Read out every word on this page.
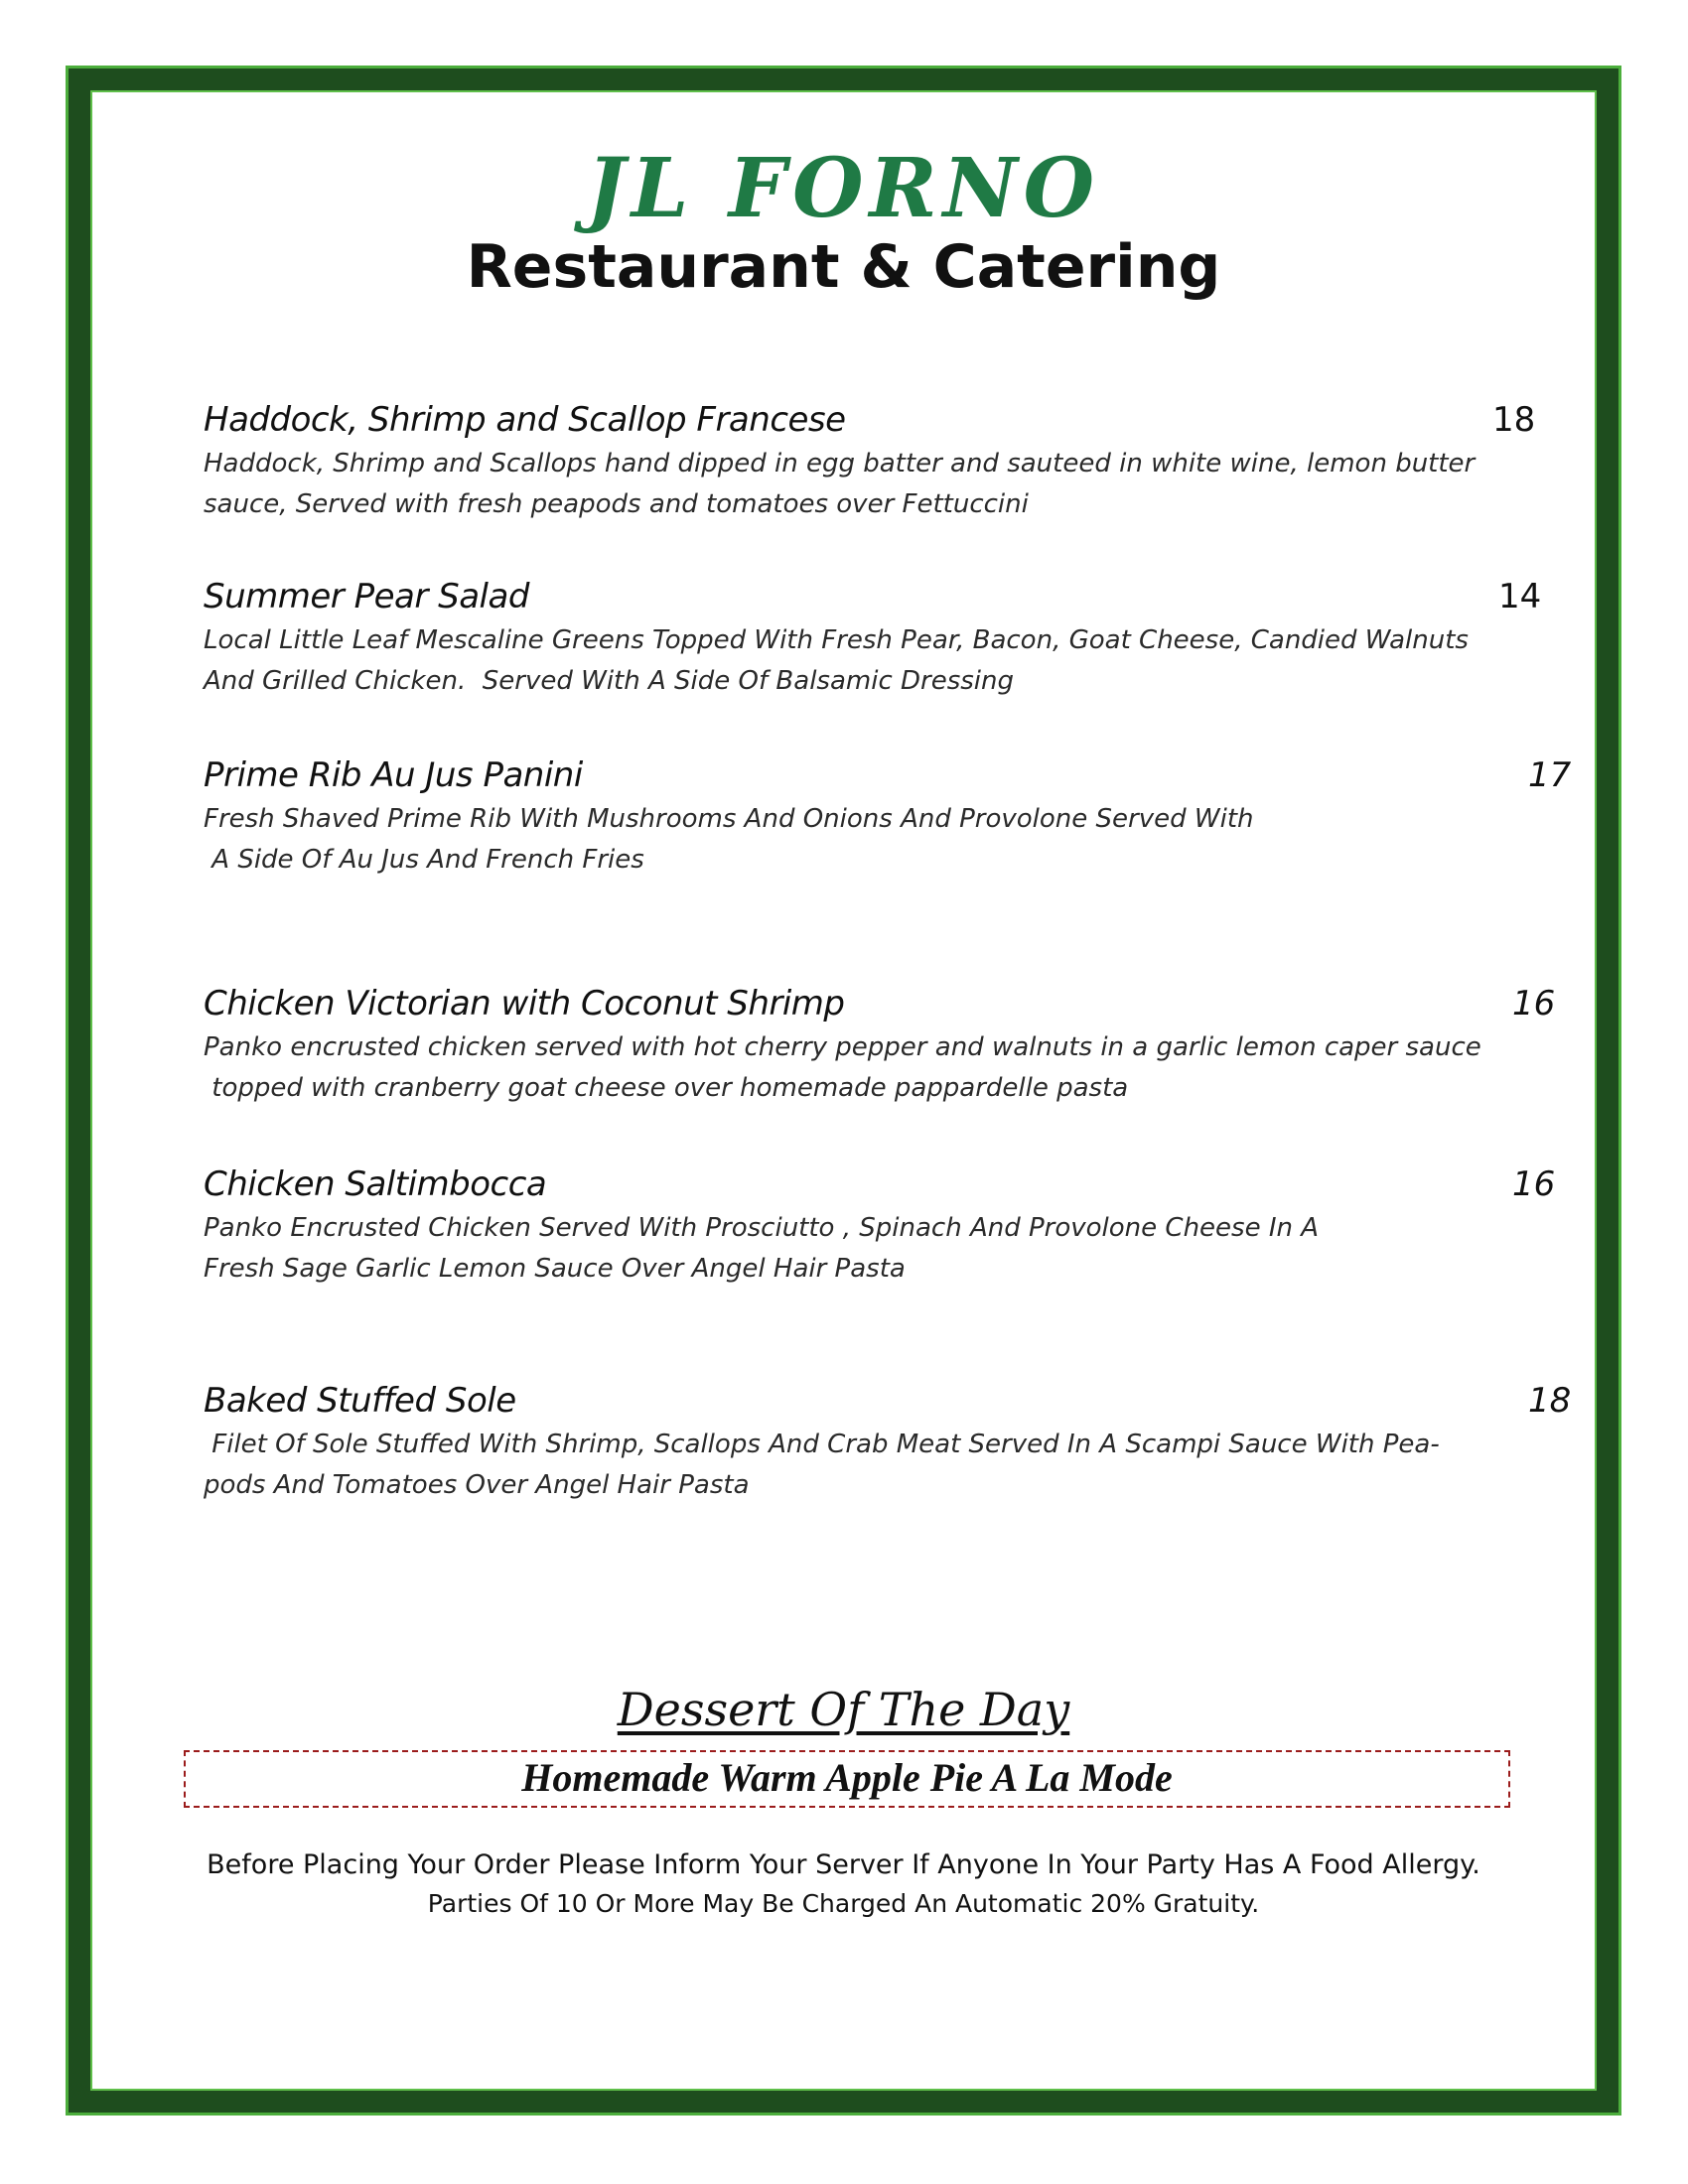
JL FORNO
Restaurant & Catering
Haddock, Shrimp and Scallop Francese	18
Haddock, Shrimp and Scallops hand dipped in egg batter and sauteed in white wine, lemon butter
sauce, Served with fresh peapods and tomatoes over Fettuccini
Summer Pear Salad	14
Local Little Leaf Mescaline Greens Topped With Fresh Pear, Bacon, Goat Cheese, Candied Walnuts
And Grilled Chicken.  Served With A Side Of Balsamic Dressing
Prime Rib Au Jus Panini	17
Fresh Shaved Prime Rib With Mushrooms And Onions And Provolone Served With
A Side Of Au Jus And French Fries
Chicken Victorian with Coconut Shrimp	16
Panko encrusted chicken served with hot cherry pepper and walnuts in a garlic lemon caper sauce
topped with cranberry goat cheese over homemade pappardelle pasta
Chicken Saltimbocca	16
Panko Encrusted Chicken Served With Prosciutto , Spinach And Provolone Cheese In A
Fresh Sage Garlic Lemon Sauce Over Angel Hair Pasta
Baked Stuffed Sole	18
Filet Of Sole Stuffed With Shrimp, Scallops And Crab Meat Served In A Scampi Sauce With Pea-
pods And Tomatoes Over Angel Hair Pasta
Dessert Of The Day
Homemade Warm Apple Pie A La Mode
Before Placing Your Order Please Inform Your Server If Anyone In Your Party Has A Food Allergy.
Parties Of 10 Or More May Be Charged An Automatic 20% Gratuity.
